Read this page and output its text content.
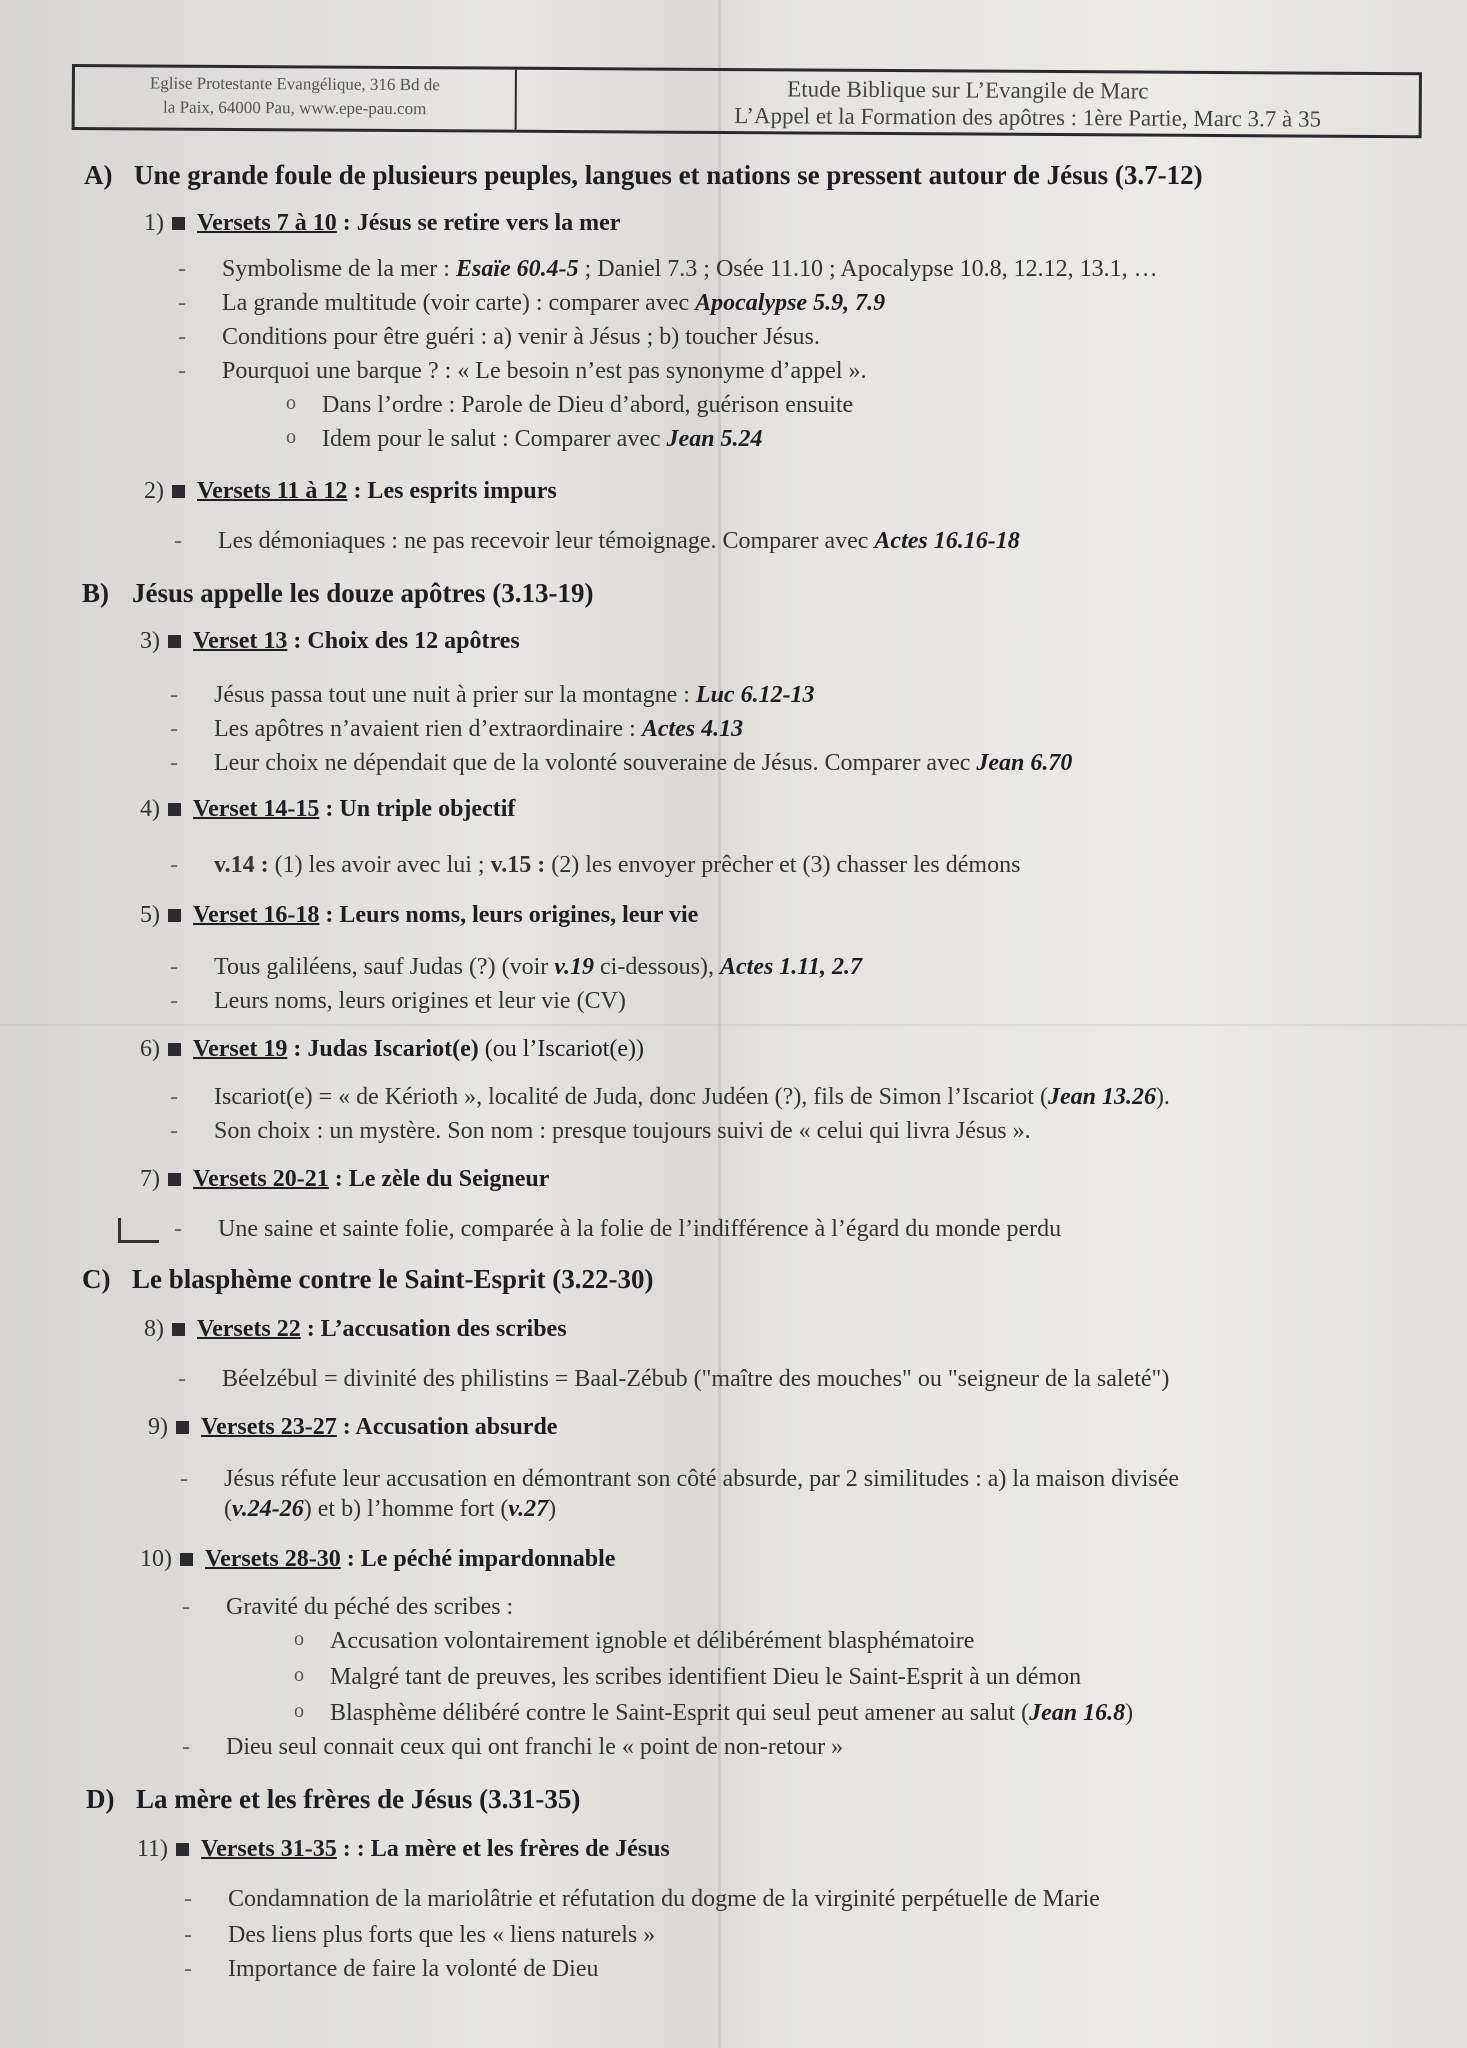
Eglise Protestante Evangélique, 316 Bd de
la Paix, 64000 Pau, www.epe-pau.com
Etude Biblique sur L’Evangile de Marc
L’Appel et la Formation des apôtres : 1ère Partie, Marc 3.7 à 35
A) Une grande foule de plusieurs peuples, langues et nations se pressent autour de Jésus (3.7-12)
1) Versets 7 à 10 : Jésus se retire vers la mer
- Symbolisme de la mer : Esaïe 60.4-5 ; Daniel 7.3 ; Osée 11.10 ; Apocalypse 10.8, 12.12, 13.1, …
- La grande multitude (voir carte) : comparer avec Apocalypse 5.9, 7.9
- Conditions pour être guéri : a) venir à Jésus ; b) toucher Jésus.
- Pourquoi une barque ? : « Le besoin n’est pas synonyme d’appel ».
o Dans l’ordre : Parole de Dieu d’abord, guérison ensuite
o Idem pour le salut : Comparer avec Jean 5.24
2) Versets 11 à 12 : Les esprits impurs
- Les démoniaques : ne pas recevoir leur témoignage. Comparer avec Actes 16.16-18
B) Jésus appelle les douze apôtres (3.13-19)
3) Verset 13 : Choix des 12 apôtres
- Jésus passa tout une nuit à prier sur la montagne : Luc 6.12-13
- Les apôtres n’avaient rien d’extraordinaire : Actes 4.13
- Leur choix ne dépendait que de la volonté souveraine de Jésus. Comparer avec Jean 6.70
4) Verset 14-15 : Un triple objectif
- v.14 : (1) les avoir avec lui ; v.15 : (2) les envoyer prêcher et (3) chasser les démons
5) Verset 16-18 : Leurs noms, leurs origines, leur vie
- Tous galiléens, sauf Judas (?) (voir v.19 ci-dessous), Actes 1.11, 2.7
- Leurs noms, leurs origines et leur vie (CV)
6) Verset 19 : Judas Iscariot(e) (ou l’Iscariot(e))
- Iscariot(e) = « de Kérioth », localité de Juda, donc Judéen (?), fils de Simon l’Iscariot (Jean 13.26).
- Son choix : un mystère. Son nom : presque toujours suivi de « celui qui livra Jésus ».
7) Versets 20-21 : Le zèle du Seigneur
- Une saine et sainte folie, comparée à la folie de l’indifférence à l’égard du monde perdu
C) Le blasphème contre le Saint-Esprit (3.22-30)
8) Versets 22 : L’accusation des scribes
- Béelzébul = divinité des philistins = Baal-Zébub ("maître des mouches" ou "seigneur de la saleté")
9) Versets 23-27 : Accusation absurde
- Jésus réfute leur accusation en démontrant son côté absurde, par 2 similitudes : a) la maison divisée
(v.24-26) et b) l’homme fort (v.27)
10) Versets 28-30 : Le péché impardonnable
- Gravité du péché des scribes :
o Accusation volontairement ignoble et délibérément blasphématoire
o Malgré tant de preuves, les scribes identifient Dieu le Saint-Esprit à un démon
o Blasphème délibéré contre le Saint-Esprit qui seul peut amener au salut (Jean 16.8)
- Dieu seul connait ceux qui ont franchi le « point de non-retour »
D) La mère et les frères de Jésus (3.31-35)
11) Versets 31-35 : : La mère et les frères de Jésus
- Condamnation de la mariolâtrie et réfutation du dogme de la virginité perpétuelle de Marie
- Des liens plus forts que les « liens naturels »
- Importance de faire la volonté de Dieu
